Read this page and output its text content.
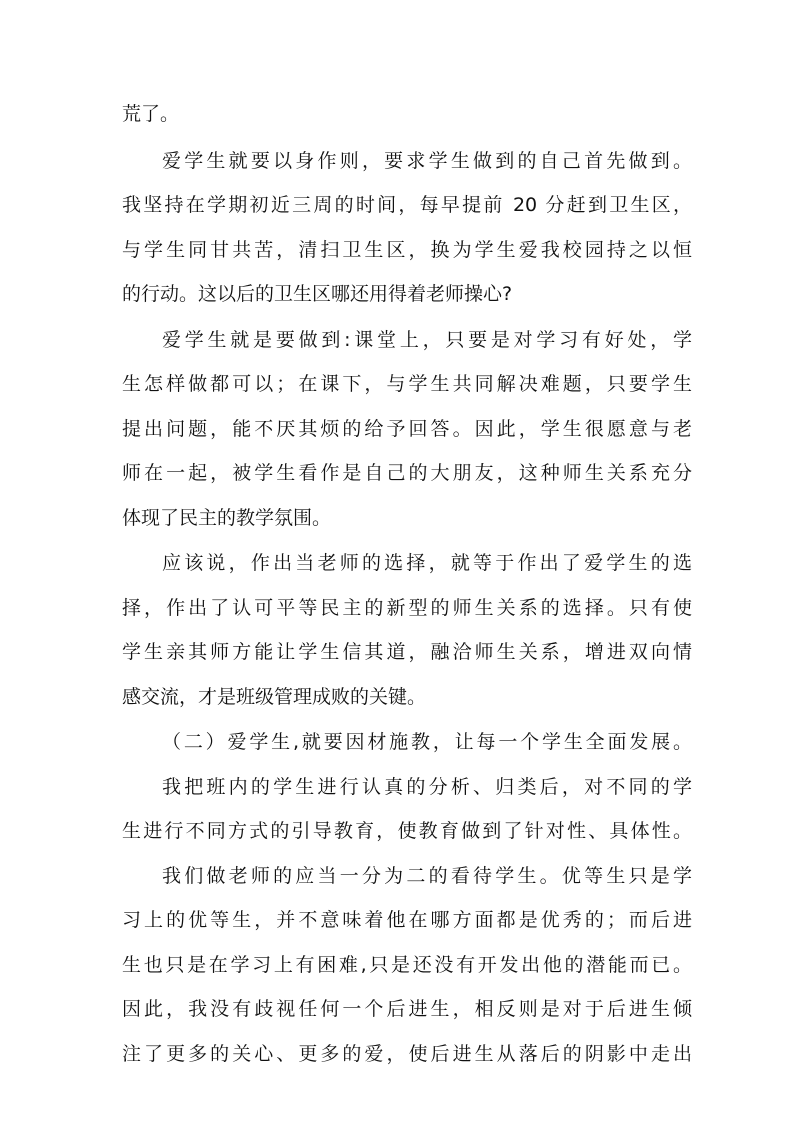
荒了。
爱学生就要以身作则，要求学生做到的自己首先做到。
我坚持在学期初近三周的时间，每早提前 20 分赶到卫生区，
与学生同甘共苦，清扫卫生区，换为学生爱我校园持之以恒
的行动。这以后的卫生区哪还用得着老师操心?
爱学生就是要做到:课堂上，只要是对学习有好处，学
生怎样做都可以；在课下，与学生共同解决难题，只要学生
提出问题，能不厌其烦的给予回答。因此，学生很愿意与老
师在一起，被学生看作是自己的大朋友，这种师生关系充分
体现了民主的教学氛围。
应该说，作出当老师的选择，就等于作出了爱学生的选
择，作出了认可平等民主的新型的师生关系的选择。只有使
学生亲其师方能让学生信其道，融洽师生关系，增进双向情
感交流，才是班级管理成败的关键。
（二）爱学生,就要因材施教，让每一个学生全面发展。
我把班内的学生进行认真的分析、归类后，对不同的学
生进行不同方式的引导教育，使教育做到了针对性、具体性。
我们做老师的应当一分为二的看待学生。优等生只是学
习上的优等生，并不意味着他在哪方面都是优秀的；而后进
生也只是在学习上有困难,只是还没有开发出他的潜能而已。
因此，我没有歧视任何一个后进生，相反则是对于后进生倾
注了更多的关心、更多的爱，使后进生从落后的阴影中走出
